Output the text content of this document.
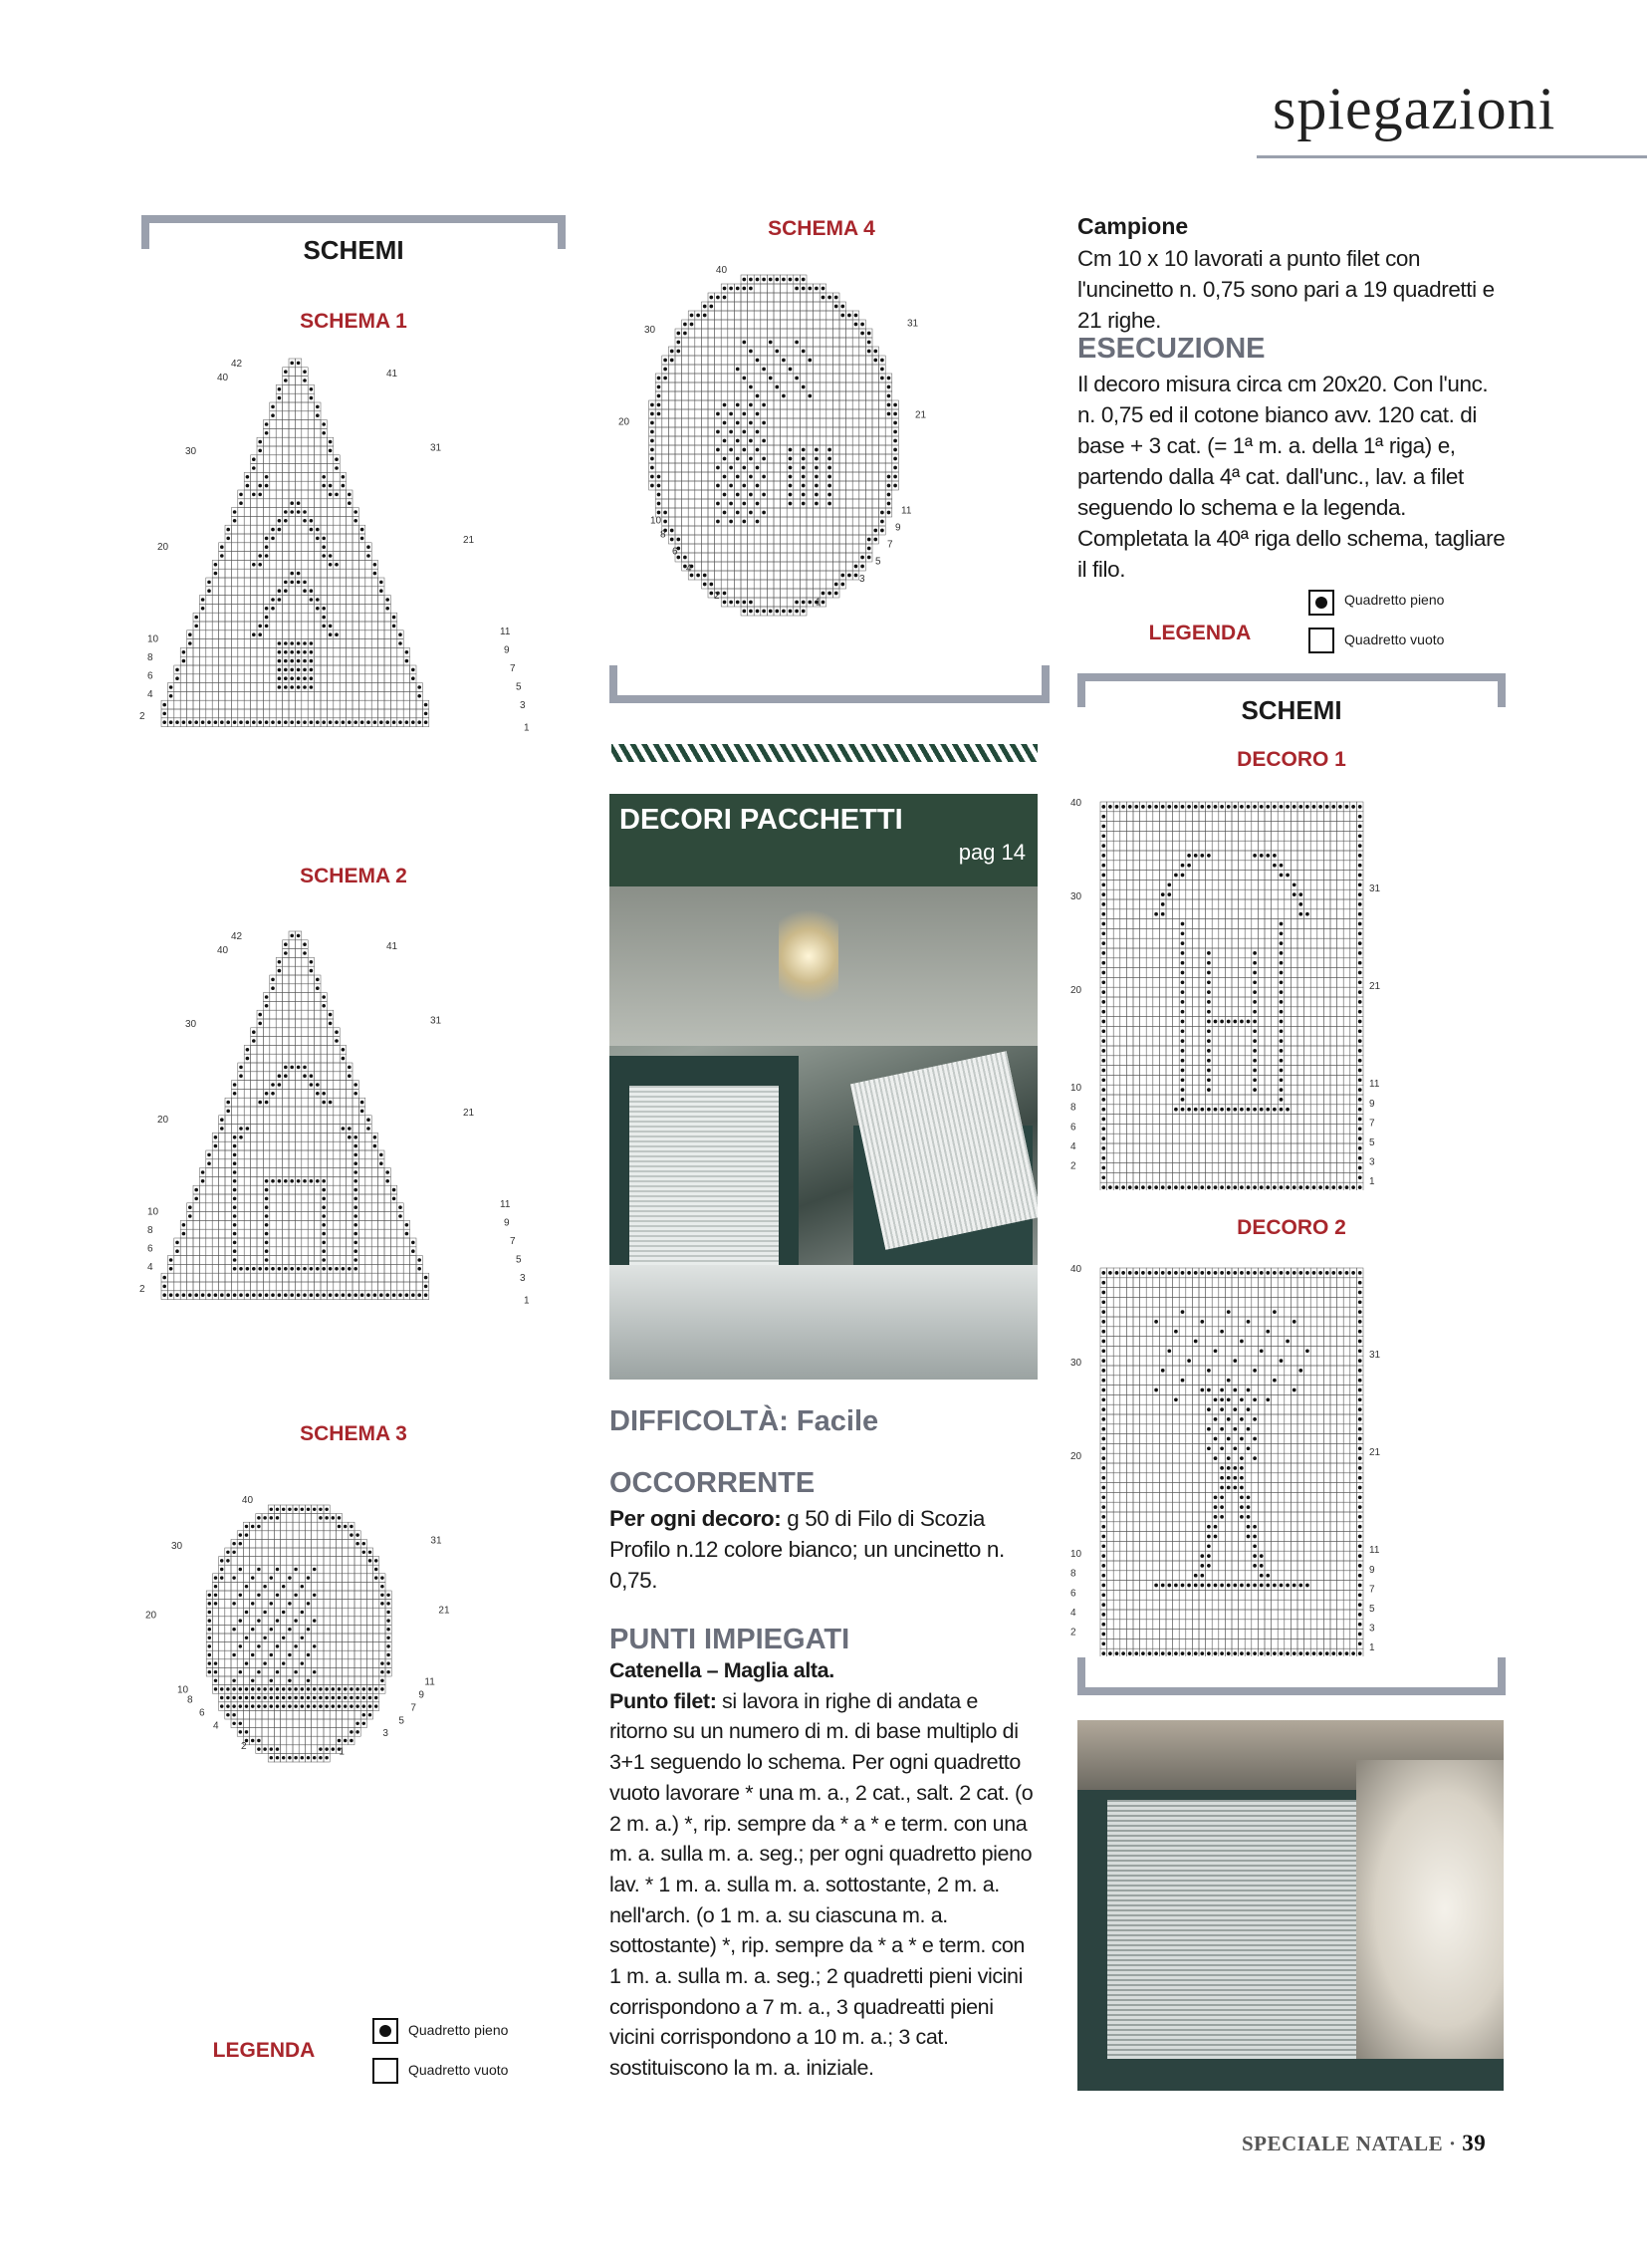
spiegazioni
SCHEMI
SCHEMA 1
42
40
30
20
10
8
6
4
2
41
31
21
11
9
7
5
3
1
SCHEMA 2
42
40
30
20
10
8
6
4
2
41
31
21
11
9
7
5
3
1
SCHEMA 3
40
30
20
10
8
6
4
2
31
21
11
9
7
5
3
1
LEGENDA
Quadretto pieno
Quadretto vuoto
SCHEMA 4
40
30
20
10
8
6
4
2
31
21
11
9
7
5
3
1
DECORI PACCHETTI
pag 14
DIFFICOLTÀ: Facile
OCCORRENTE
Per ogni decoro: g 50 di Filo di Scozia Profilo n.12 colore bianco; un uncinetto n. 0,75.
PUNTI IMPIEGATI
Catenella – Maglia alta.
Punto filet: si lavora in righe di andata e ritorno su un numero di m. di base multiplo di 3+1 seguendo lo schema. Per ogni quadretto vuoto lavorare * una m. a., 2 cat., salt. 2 cat. (o 2 m. a.) *, rip. sempre da * a * e term. con una m. a. sulla m. a. seg.; per ogni quadretto pieno lav. * 1 m. a. sulla m. a. sottostante, 2 m. a. nell'arch. (o 1 m. a. su ciascuna m. a. sottostante) *, rip. sempre da * a * e term. con 1 m. a. sulla m. a. seg.; 2 quadretti pieni vicini corrispondono a 7 m. a., 3 quadreatti pieni vicini corrispondono a 10 m. a.; 3 cat. sostituiscono la m. a. iniziale.
Campione
Cm 10 x 10 lavorati a punto filet con l'uncinetto n. 0,75 sono pari a 19 quadretti e 21 righe.
ESECUZIONE
Il decoro misura circa cm 20x20. Con l'unc. n. 0,75 ed il cotone bianco avv. 120 cat. di base + 3 cat. (= 1ª m. a. della 1ª riga) e, partendo dalla 4ª cat. dall'unc., lav. a filet seguendo lo schema e la legenda. Completata la 40ª riga dello schema, tagliare il filo.
LEGENDA
Quadretto pieno
Quadretto vuoto
SCHEMI
DECORO 1
40
30
20
10
8
6
4
2
31
21
11
9
7
5
3
1
DECORO 2
40
30
20
10
8
6
4
2
31
21
11
9
7
5
3
1
SPECIALE NATALE · 39
